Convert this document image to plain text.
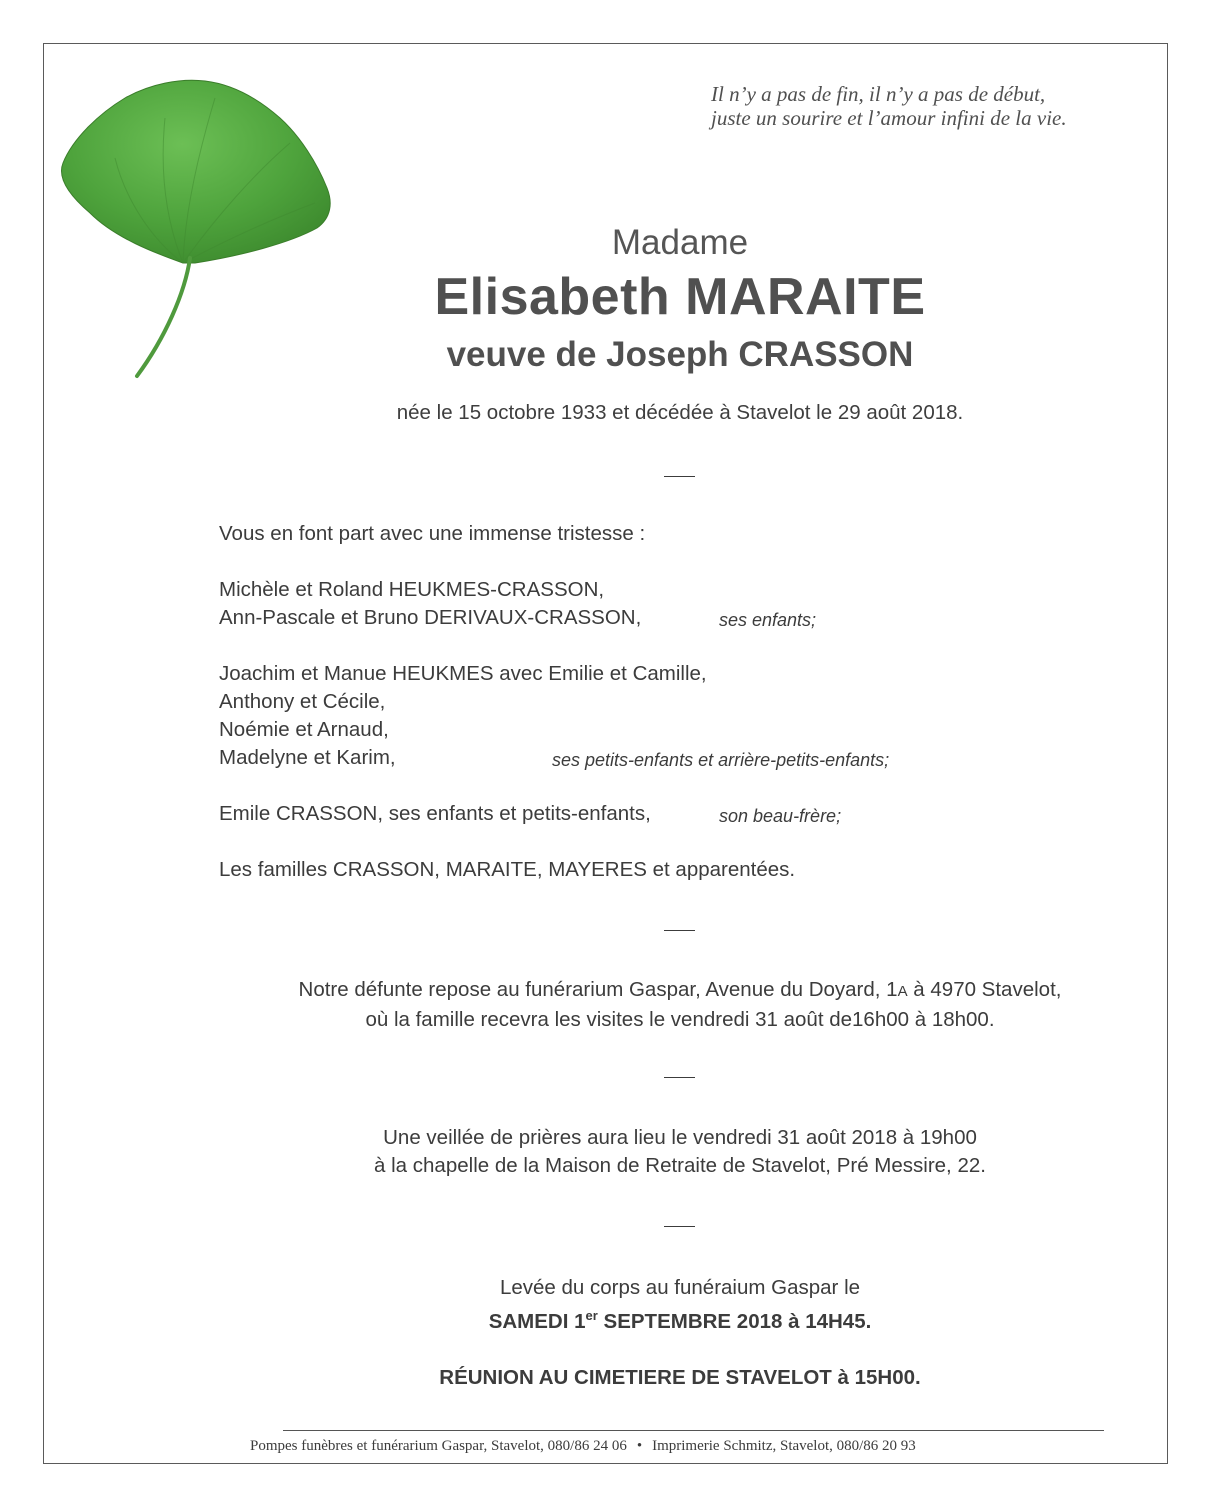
Il n’y a pas de fin, il n’y a pas de début,
juste un sourire et l’amour infini de la vie.
Madame
Elisabeth MARAITE
veuve de Joseph CRASSON
née le 15 octobre 1933 et décédée à Stavelot le 29 août 2018.
Vous en font part avec une immense tristesse :
Michèle et Roland HEUKMES-CRASSON,
Ann-Pascale et Bruno DERIVAUX-CRASSON,	ses enfants;
Joachim et Manue HEUKMES avec Emilie et Camille,
Anthony et Cécile,
Noémie et Arnaud,
Madelyne et Karim,	ses petits-enfants et arrière-petits-enfants;
Emile CRASSON, ses enfants et petits-enfants,	son beau-frère;
Les familles CRASSON, MARAITE, MAYERES et apparentées.
Notre défunte repose au funérarium Gaspar, Avenue du Doyard, 1A à 4970 Stavelot,
où la famille recevra les visites le vendredi 31 août de16h00 à 18h00.
Une veillée de prières aura lieu le vendredi 31 août 2018 à 19h00
à la chapelle de la Maison de Retraite de Stavelot, Pré Messire, 22.
Levée du corps au funéraium Gaspar le
SAMEDI 1er SEPTEMBRE 2018 à 14H45.
RÉUNION AU CIMETIERE DE STAVELOT à 15H00.
Pompes funèbres et funérarium Gaspar, Stavelot, 080/86 24 06 • Imprimerie Schmitz, Stavelot, 080/86 20 93
